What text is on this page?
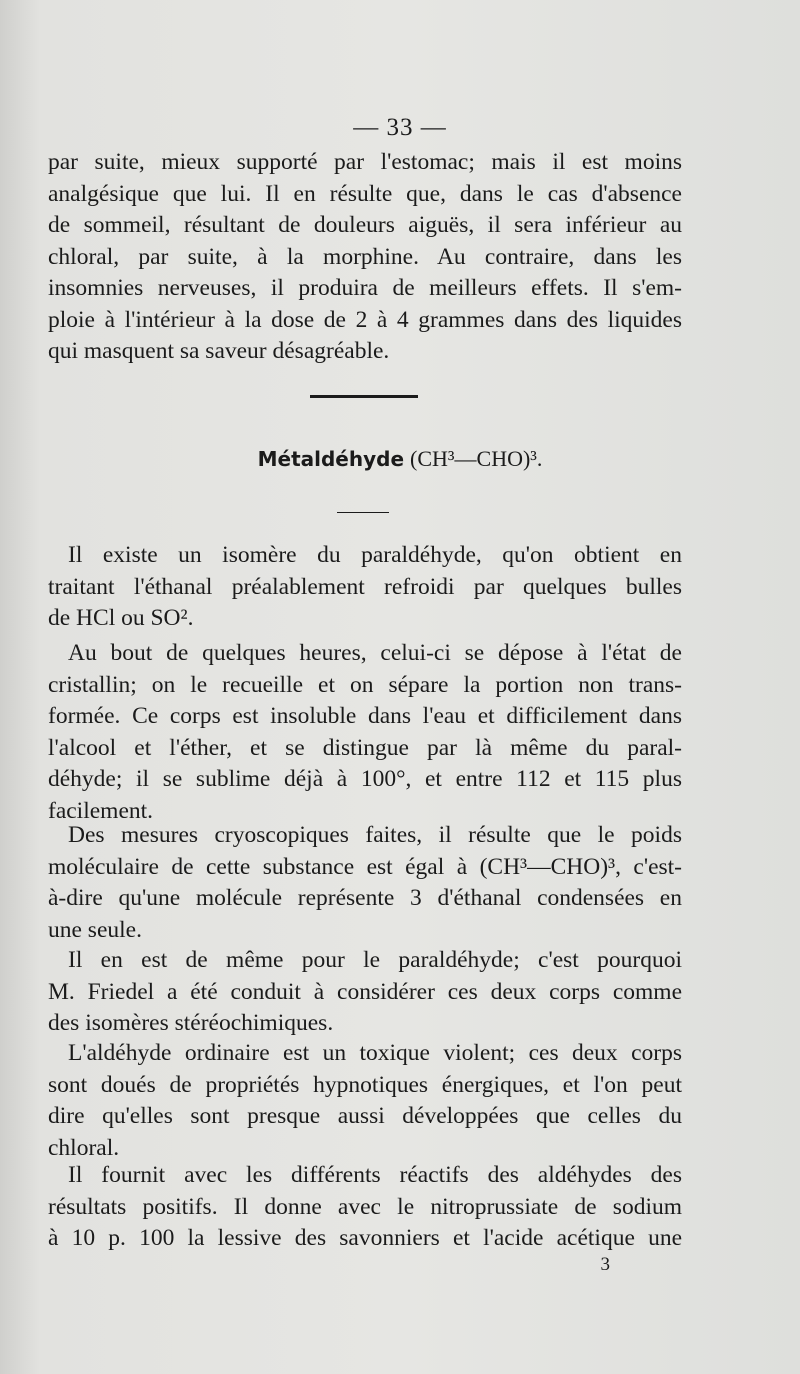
— 33 —
par suite, mieux supporté par l'estomac; mais il est moins
analgésique que lui. Il en résulte que, dans le cas d'absence
de sommeil, résultant de douleurs aiguës, il sera inférieur au
chloral, par suite, à la morphine. Au contraire, dans les
insomnies nerveuses, il produira de meilleurs effets. Il s'em-
ploie à l'intérieur à la dose de 2 à 4 grammes dans des liquides
qui masquent sa saveur désagréable.
Métaldéhyde (CH³—CHO)³.
Il existe un isomère du paraldéhyde, qu'on obtient en
traitant l'éthanal préalablement refroidi par quelques bulles
de HCl ou SO².
Au bout de quelques heures, celui-ci se dépose à l'état de
cristallin; on le recueille et on sépare la portion non trans-
formée. Ce corps est insoluble dans l'eau et difficilement dans
l'alcool et l'éther, et se distingue par là même du paral-
déhyde; il se sublime déjà à 100°, et entre 112 et 115 plus
facilement.
Des mesures cryoscopiques faites, il résulte que le poids
moléculaire de cette substance est égal à (CH³—CHO)³, c'est-
à-dire qu'une molécule représente 3 d'éthanal condensées en
une seule.
Il en est de même pour le paraldéhyde; c'est pourquoi
M. Friedel a été conduit à considérer ces deux corps comme
des isomères stéréochimiques.
L'aldéhyde ordinaire est un toxique violent; ces deux corps
sont doués de propriétés hypnotiques énergiques, et l'on peut
dire qu'elles sont presque aussi développées que celles du
chloral.
Il fournit avec les différents réactifs des aldéhydes des
résultats positifs. Il donne avec le nitroprussiate de sodium
à 10 p. 100 la lessive des savonniers et l'acide acétique une
3
